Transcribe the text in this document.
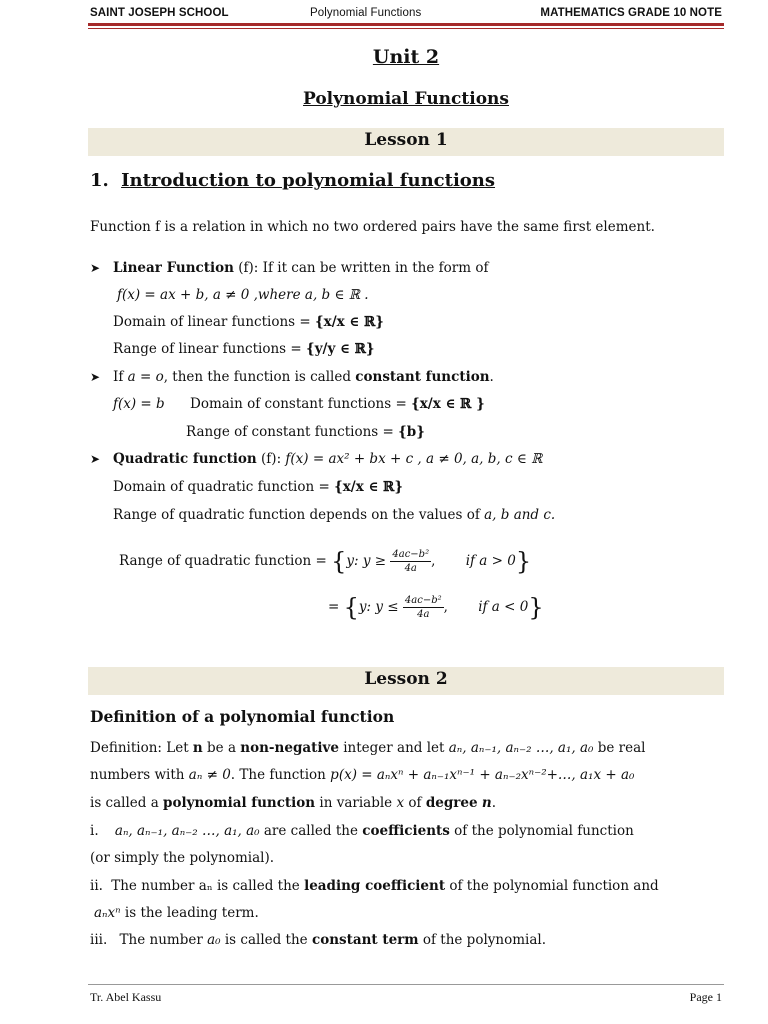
SAINT JOSEPH SCHOOL	Polynomial Functions	MATHEMATICS GRADE 10 NOTE
Unit 2
Polynomial Functions
Lesson 1
1. Introduction to polynomial functions
Function f is a relation in which no two ordered pairs have the same first element.
➤ Linear Function (f): If it can be written in the form of
f(x) = ax + b, a ≠ 0 ,where a, b ∈ ℝ .
Domain of linear functions = {x/x ∈ ℝ}
Range of linear functions = {y/y ∈ ℝ}
➤ If a = o, then the function is called constant function.
f(x) = b Domain of constant functions = {x/x ∈ ℝ }
Range of constant functions = {b}
➤ Quadratic function (f): f(x) = ax² + bx + c , a ≠ 0, a, b, c ∈ ℝ
Domain of quadratic function = {x/x ∈ ℝ}
Range of quadratic function depends on the values of a, b and c.
Range of quadratic function = {y: $y \ge \frac{\text{4ac−b²}}{4a}$ , if a > 0}
= {y: $y \le \frac{\text{4ac−b²}}{4a}$ , if a < 0}
Lesson 2
Definition of a polynomial function
Definition: Let n be a non-negative integer and let aₙ, aₙ₋₁, aₙ₋₂ …, a₁, a₀ be real
numbers with aₙ ≠ 0. The function p(x) = aₙxⁿ + aₙ₋₁xⁿ⁻¹ + aₙ₋₂xⁿ⁻²+…, a₁x + a₀
is called a polynomial function in variable x of degree n.
i. aₙ, aₙ₋₁, aₙ₋₂ …, a₁, a₀ are called the coefficients of the polynomial function
(or simply the polynomial).
ii. The number aₙ is called the leading coefficient of the polynomial function and
aₙxⁿ is the leading term.
iii. The number a₀ is called the constant term of the polynomial.
Tr. Abel Kassu	Page 1
